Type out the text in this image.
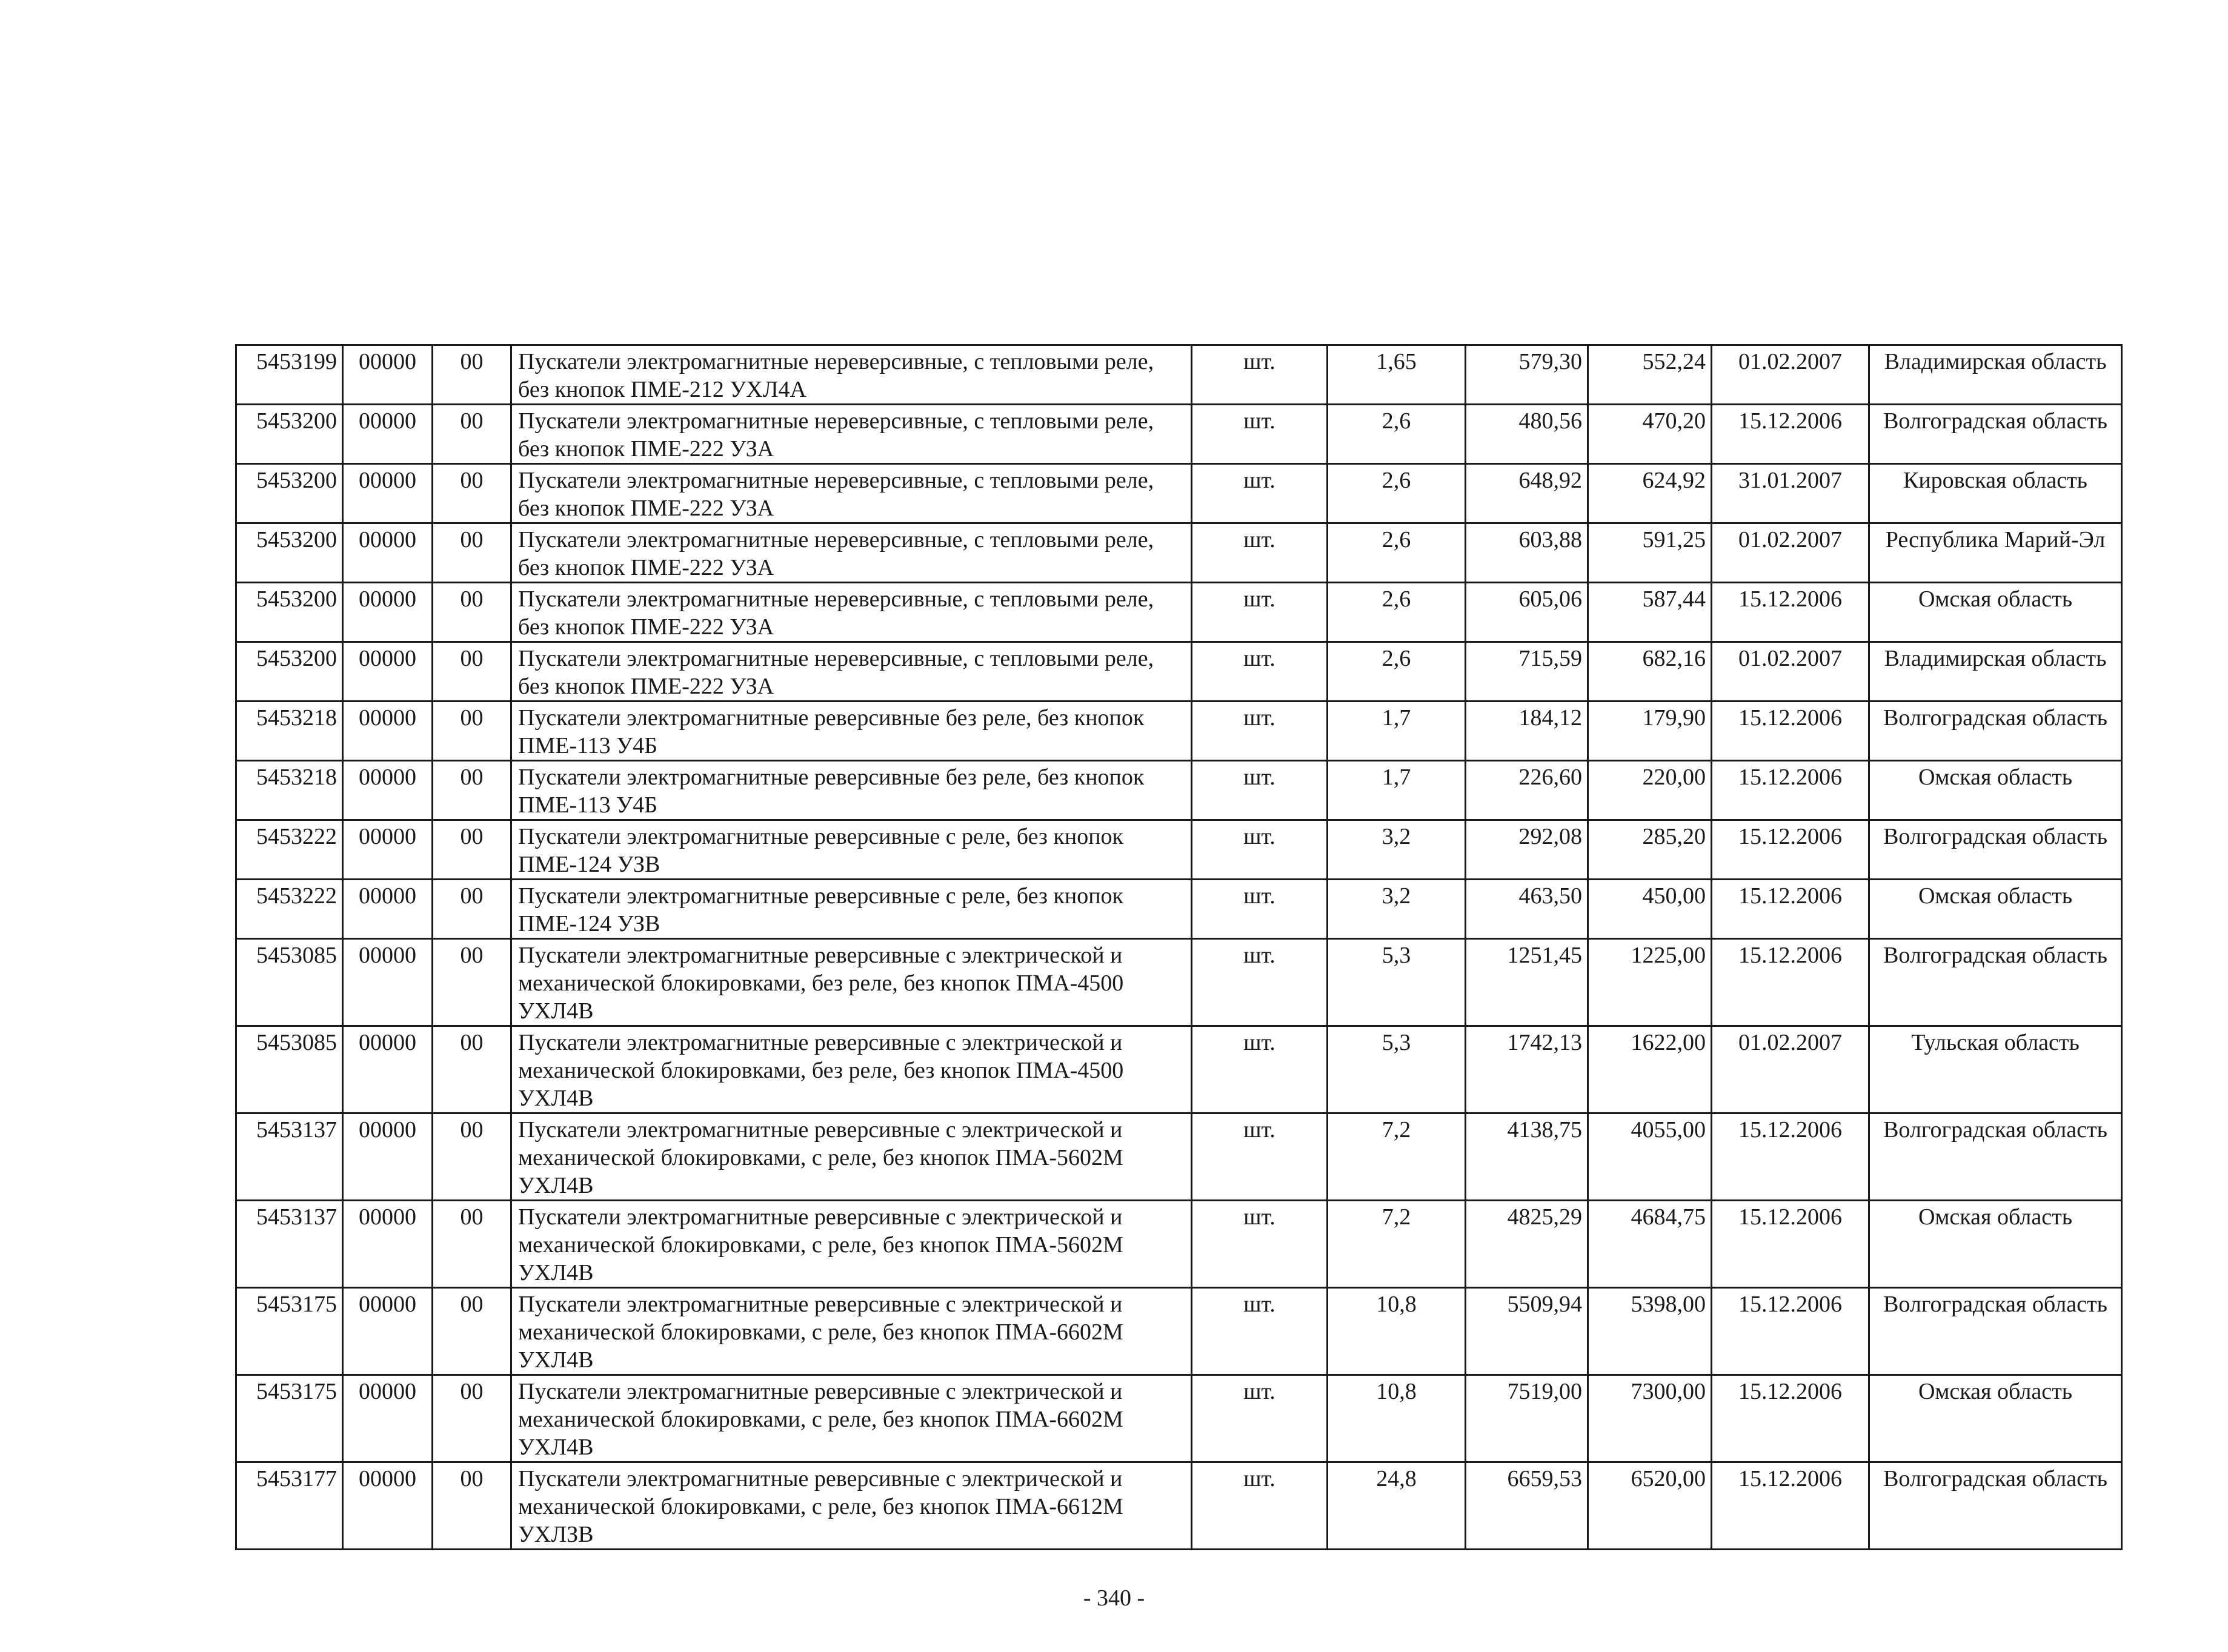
5453199	00000	00	Пускатели электромагнитные нереверсивные, с тепловыми реле, без кнопок ПМЕ-212 УХЛ4А	шт.	1,65	579,30	552,24	01.02.2007	Владимирская область
5453200	00000	00	Пускатели электромагнитные нереверсивные, с тепловыми реле, без кнопок ПМЕ-222 УЗА	шт.	2,6	480,56	470,20	15.12.2006	Волгоградская область
5453200	00000	00	Пускатели электромагнитные нереверсивные, с тепловыми реле, без кнопок ПМЕ-222 УЗА	шт.	2,6	648,92	624,92	31.01.2007	Кировская область
5453200	00000	00	Пускатели электромагнитные нереверсивные, с тепловыми реле, без кнопок ПМЕ-222 УЗА	шт.	2,6	603,88	591,25	01.02.2007	Республика Марий-Эл
5453200	00000	00	Пускатели электромагнитные нереверсивные, с тепловыми реле, без кнопок ПМЕ-222 УЗА	шт.	2,6	605,06	587,44	15.12.2006	Омская область
5453200	00000	00	Пускатели электромагнитные нереверсивные, с тепловыми реле, без кнопок ПМЕ-222 УЗА	шт.	2,6	715,59	682,16	01.02.2007	Владимирская область
5453218	00000	00	Пускатели электромагнитные реверсивные без реле, без кнопок ПМЕ-113 У4Б	шт.	1,7	184,12	179,90	15.12.2006	Волгоградская область
5453218	00000	00	Пускатели электромагнитные реверсивные без реле, без кнопок ПМЕ-113 У4Б	шт.	1,7	226,60	220,00	15.12.2006	Омская область
5453222	00000	00	Пускатели электромагнитные реверсивные с реле, без кнопок ПМЕ-124 УЗВ	шт.	3,2	292,08	285,20	15.12.2006	Волгоградская область
5453222	00000	00	Пускатели электромагнитные реверсивные с реле, без кнопок ПМЕ-124 УЗВ	шт.	3,2	463,50	450,00	15.12.2006	Омская область
5453085	00000	00	Пускатели электромагнитные реверсивные с электрической и механической блокировками, без реле, без кнопок ПМА-4500 УХЛ4В	шт.	5,3	1251,45	1225,00	15.12.2006	Волгоградская область
5453085	00000	00	Пускатели электромагнитные реверсивные с электрической и механической блокировками, без реле, без кнопок ПМА-4500 УХЛ4В	шт.	5,3	1742,13	1622,00	01.02.2007	Тульская область
5453137	00000	00	Пускатели электромагнитные реверсивные с электрической и механической блокировками, с реле, без кнопок ПМА-5602М УХЛ4В	шт.	7,2	4138,75	4055,00	15.12.2006	Волгоградская область
5453137	00000	00	Пускатели электромагнитные реверсивные с электрической и механической блокировками, с реле, без кнопок ПМА-5602М УХЛ4В	шт.	7,2	4825,29	4684,75	15.12.2006	Омская область
5453175	00000	00	Пускатели электромагнитные реверсивные с электрической и механической блокировками, с реле, без кнопок ПМА-6602М УХЛ4В	шт.	10,8	5509,94	5398,00	15.12.2006	Волгоградская область
5453175	00000	00	Пускатели электромагнитные реверсивные с электрической и механической блокировками, с реле, без кнопок ПМА-6602М УХЛ4В	шт.	10,8	7519,00	7300,00	15.12.2006	Омская область
5453177	00000	00	Пускатели электромагнитные реверсивные с электрической и механической блокировками, с реле, без кнопок ПМА-6612М УХЛЗВ	шт.	24,8	6659,53	6520,00	15.12.2006	Волгоградская область
- 340 -
